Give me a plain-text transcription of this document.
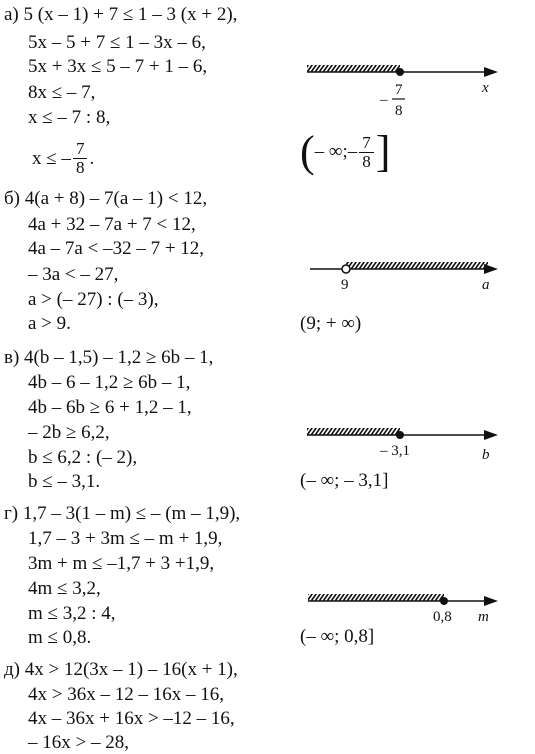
а) 5 (x – 1) + 7 ≤ 1 – 3 (x + 2),
5x – 5 + 7 ≤ 1 – 3x – 6,
5x + 3x ≤ 5 – 7 + 1 – 6,
8x ≤ – 7,
x ≤ – 7 : 8,
x ≤ – $\frac{7}{8}$ .
–
7
8
x
( – ∞;– $\frac{7}{8}$ ]
б) 4(a + 8) – 7(a – 1) < 12,
4a + 32 – 7a + 7 < 12,
4a – 7a < –32 – 7 + 12,
– 3a < – 27,
a > (– 27) : (– 3),
a > 9.
9	a
(9; + ∞)
в) 4(b – 1,5) – 1,2 ≥ 6b – 1,
4b – 6 – 1,2 ≥ 6b – 1,
4b – 6b ≥ 6 + 1,2 – 1,
– 2b ≥ 6,2,
b ≤ 6,2 : (– 2),
b ≤ – 3,1.
– 3,1	b
(– ∞; – 3,1]
г) 1,7 – 3(1 – m) ≤ – (m – 1,9),
1,7 – 3 + 3m ≤ – m + 1,9,
3m + m ≤ –1,7 + 3 +1,9,
4m ≤ 3,2,
m ≤ 3,2 : 4,
m ≤ 0,8.
0,8 m
(– ∞; 0,8]
д) 4x > 12(3x – 1) – 16(x + 1),
4x > 36x – 12 – 16x – 16,
4x – 36x + 16x > –12 – 16,
– 16x > – 28,
